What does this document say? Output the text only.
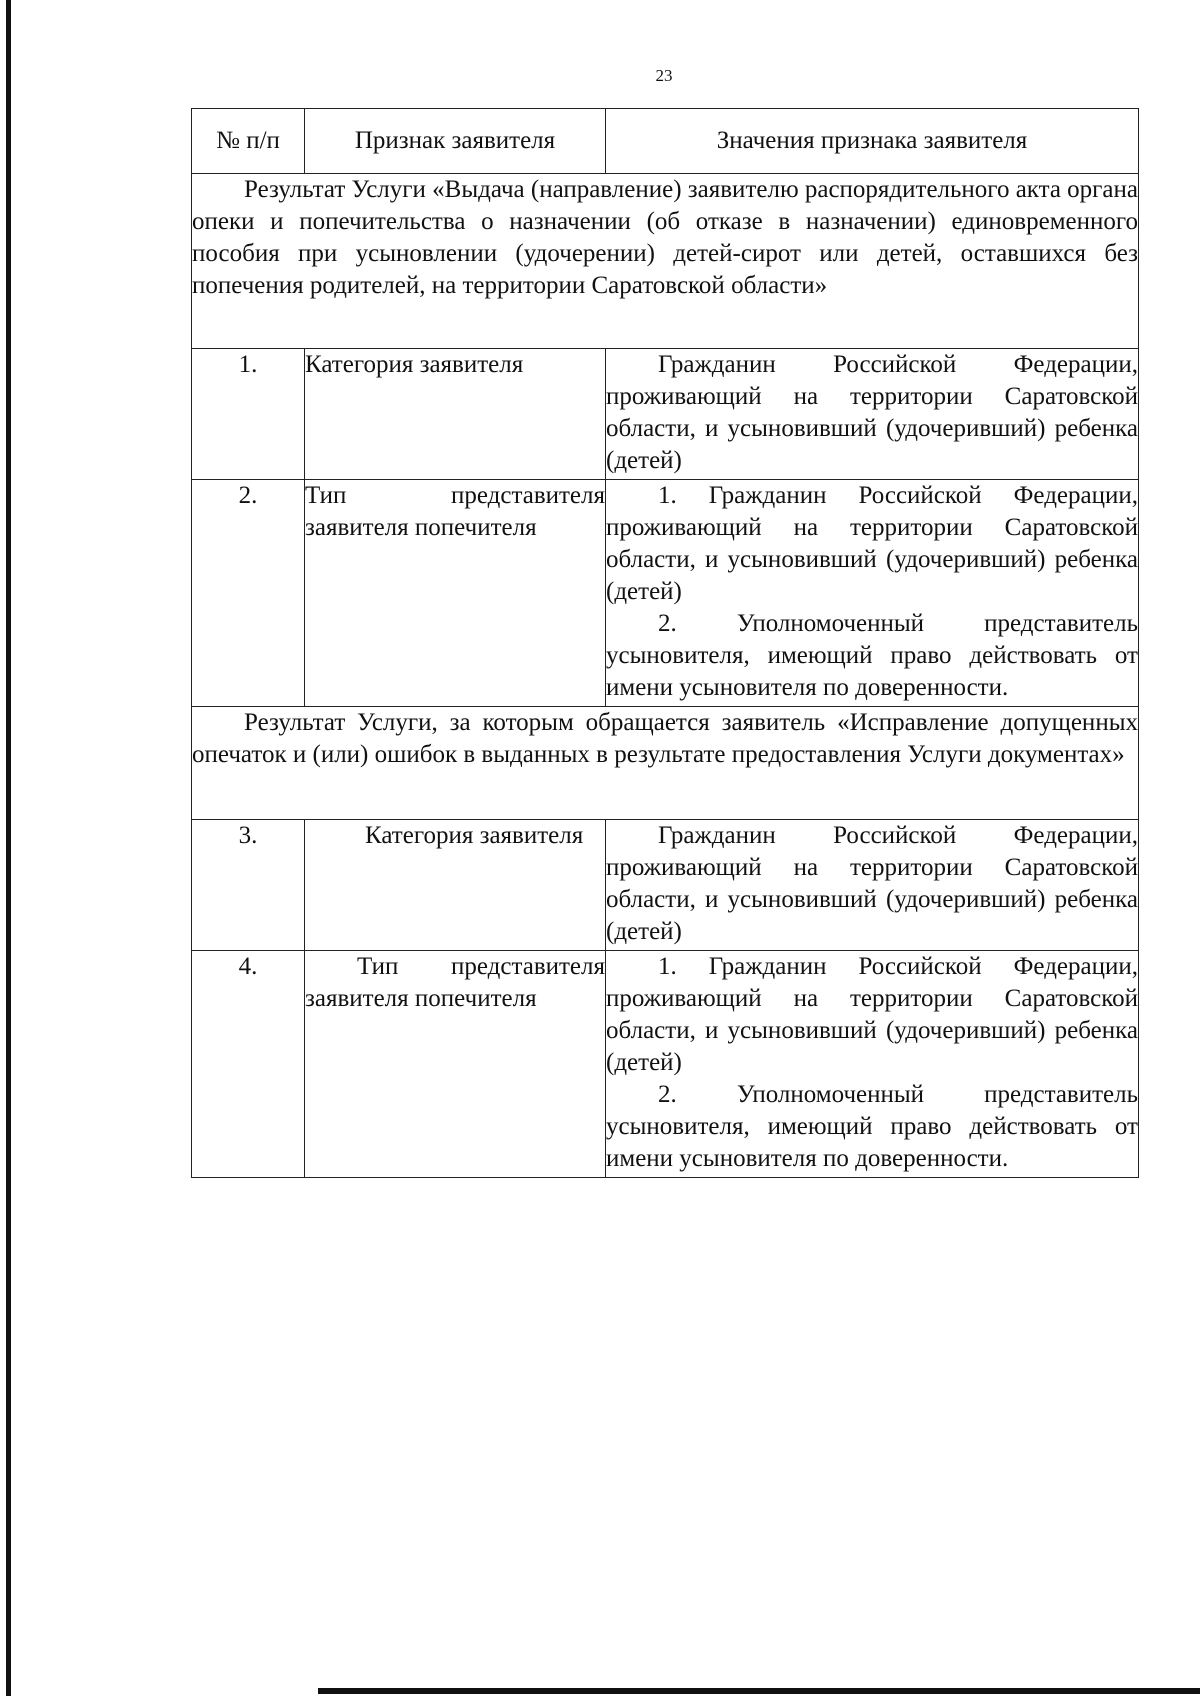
23
№ п/п	Признак заявителя	Значения признака заявителя
Результат Услуги «Выдача (направление) заявителю распорядительного акта органа опеки и попечительства о назначении (об отказе в назначении) единовременного пособия при усыновлении (удочерении) детей-сирот или детей, оставшихся без попечения родителей, на территории Саратовской области»		
1.	Категория заявителя	Гражданин Российской Федерации, проживающий на территории Саратовской области, и усыновивший (удочеривший) ребенка (детей)

2.	Тип представителя заявителя попечителя	1. Гражданин Российской Федерации, проживающий на территории Саратовской области, и усыновивший (удочеривший) ребенка (детей)

2. Уполномоченный представитель усыновителя, имеющий право действовать от имени усыновителя по доверенности.

Результат Услуги, за которым обращается заявитель «Исправление допущенных опечаток и (или) ошибок в выданных в результате предоставления Услуги документах»		
3.	Категория заявителя	Гражданин Российской Федерации, проживающий на территории Саратовской области, и усыновивший (удочеривший) ребенка (детей)

4.	Тип представителя заявителя попечителя	1. Гражданин Российской Федерации, проживающий на территории Саратовской области, и усыновивший (удочеривший) ребенка (детей)

2. Уполномоченный представитель усыновителя, имеющий право действовать от имени усыновителя по доверенности.
